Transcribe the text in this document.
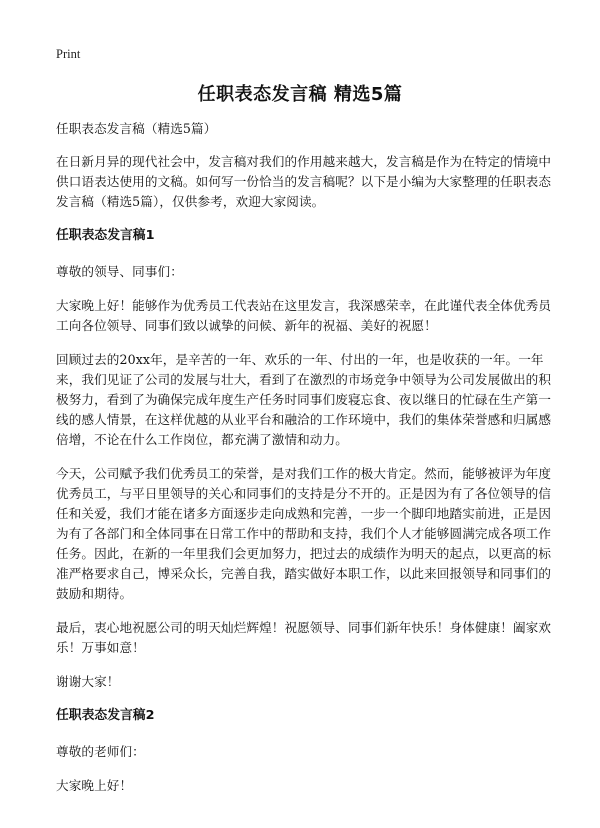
Print
任职表态发言稿 精选5篇

任职表态发言稿（精选5篇）

在日新月异的现代社会中，发言稿对我们的作用越来越大，发言稿是作为在特定的情境中供口语表达使用的文稿。如何写一份恰当的发言稿呢？以下是小编为大家整理的任职表态发言稿（精选5篇），仅供参考，欢迎大家阅读。

任职表态发言稿1

尊敬的领导、同事们：

大家晚上好！能够作为优秀员工代表站在这里发言，我深感荣幸，在此谨代表全体优秀员工向各位领导、同事们致以诚挚的问候、新年的祝福、美好的祝愿！

回顾过去的20xx年，是辛苦的一年、欢乐的一年、付出的一年，也是收获的一年。一年来，我们见证了公司的发展与壮大，看到了在激烈的市场竞争中领导为公司发展做出的积极努力，看到了为确保完成年度生产任务时同事们废寝忘食、夜以继日的忙碌在生产第一线的感人情景，在这样优越的从业平台和融洽的工作环境中，我们的集体荣誉感和归属感倍增，不论在什么工作岗位，都充满了激情和动力。

今天，公司赋予我们优秀员工的荣誉，是对我们工作的极大肯定。然而，能够被评为年度优秀员工，与平日里领导的关心和同事们的支持是分不开的。正是因为有了各位领导的信任和关爱，我们才能在诸多方面逐步走向成熟和完善，一步一个脚印地踏实前进，正是因为有了各部门和全体同事在日常工作中的帮助和支持，我们个人才能够圆满完成各项工作任务。因此，在新的一年里我们会更加努力，把过去的成绩作为明天的起点，以更高的标准严格要求自己，博采众长，完善自我，踏实做好本职工作，以此来回报领导和同事们的鼓励和期待。

最后，衷心地祝愿公司的明天灿烂辉煌！祝愿领导、同事们新年快乐！身体健康！阖家欢乐！万事如意！

谢谢大家！

任职表态发言稿2

尊敬的老师们：

大家晚上好！
